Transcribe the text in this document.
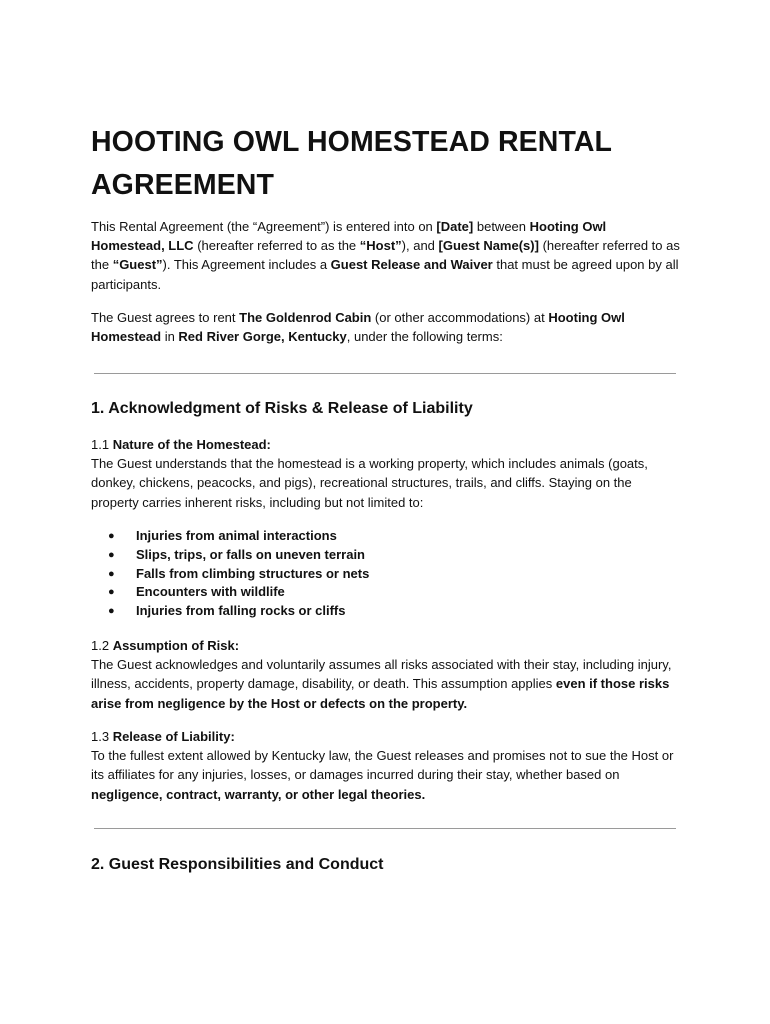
HOOTING OWL HOMESTEAD RENTAL AGREEMENT

This Rental Agreement (the “Agreement”) is entered into on [Date] between Hooting Owl Homestead, LLC (hereafter referred to as the “Host”), and [Guest Name(s)] (hereafter referred to as the “Guest”). This Agreement includes a Guest Release and Waiver that must be agreed upon by all participants.

The Guest agrees to rent The Goldenrod Cabin (or other accommodations) at Hooting Owl Homestead in Red River Gorge, Kentucky, under the following terms:

1. Acknowledgment of Risks & Release of Liability

1.1 Nature of the Homestead:
The Guest understands that the homestead is a working property, which includes animals (goats, donkey, chickens, peacocks, and pigs), recreational structures, trails, and cliffs. Staying on the property carries inherent risks, including but not limited to:

● Injuries from animal interactions
● Slips, trips, or falls on uneven terrain
● Falls from climbing structures or nets
● Encounters with wildlife
● Injuries from falling rocks or cliffs

1.2 Assumption of Risk:
The Guest acknowledges and voluntarily assumes all risks associated with their stay, including injury, illness, accidents, property damage, disability, or death. This assumption applies even if those risks arise from negligence by the Host or defects on the property.

1.3 Release of Liability:
To the fullest extent allowed by Kentucky law, the Guest releases and promises not to sue the Host or its affiliates for any injuries, losses, or damages incurred during their stay, whether based on negligence, contract, warranty, or other legal theories.

2. Guest Responsibilities and Conduct
